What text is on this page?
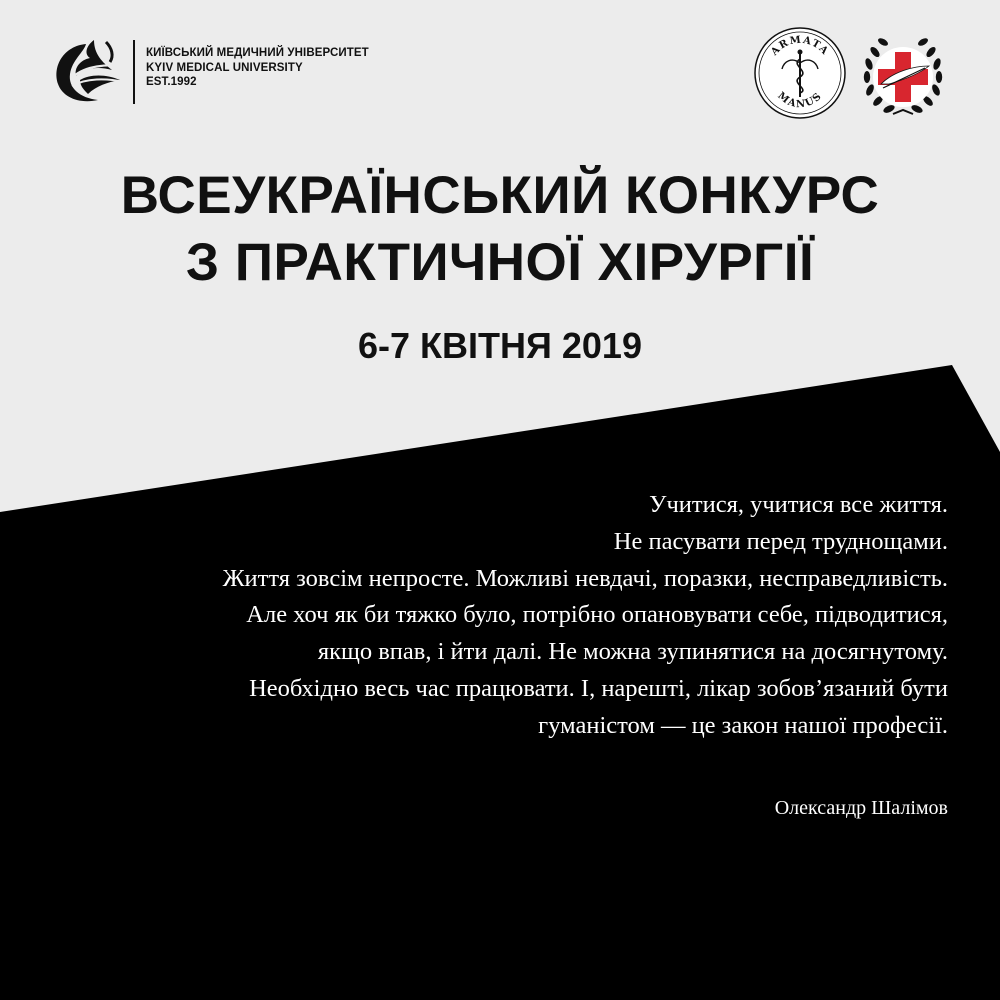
КИЇВСЬКИЙ МЕДИЧНИЙ УНІВЕРСИТЕТ
KYIV MEDICAL UNIVERSITY
EST.1992
ARMATA
MANUS
ВСЕУКРАЇНСЬКИЙ КОНКУРС
З ПРАКТИЧНОЇ ХІРУРГІЇ
6-7 КВІТНЯ 2019
Учитися, учитися все життя.
Не пасувати перед труднощами.
Життя зовсім непросте. Можливі невдачі, поразки, несправедливість.
Але хоч як би тяжко було, потрібно опановувати себе, підводитися,
якщо впав, і йти далі. Не можна зупинятися на досягнутому.
Необхідно весь час працювати. І, нарешті, лікар зобов’язаний бути
гуманістом — це закон нашої професії.
Олександр Шалімов
